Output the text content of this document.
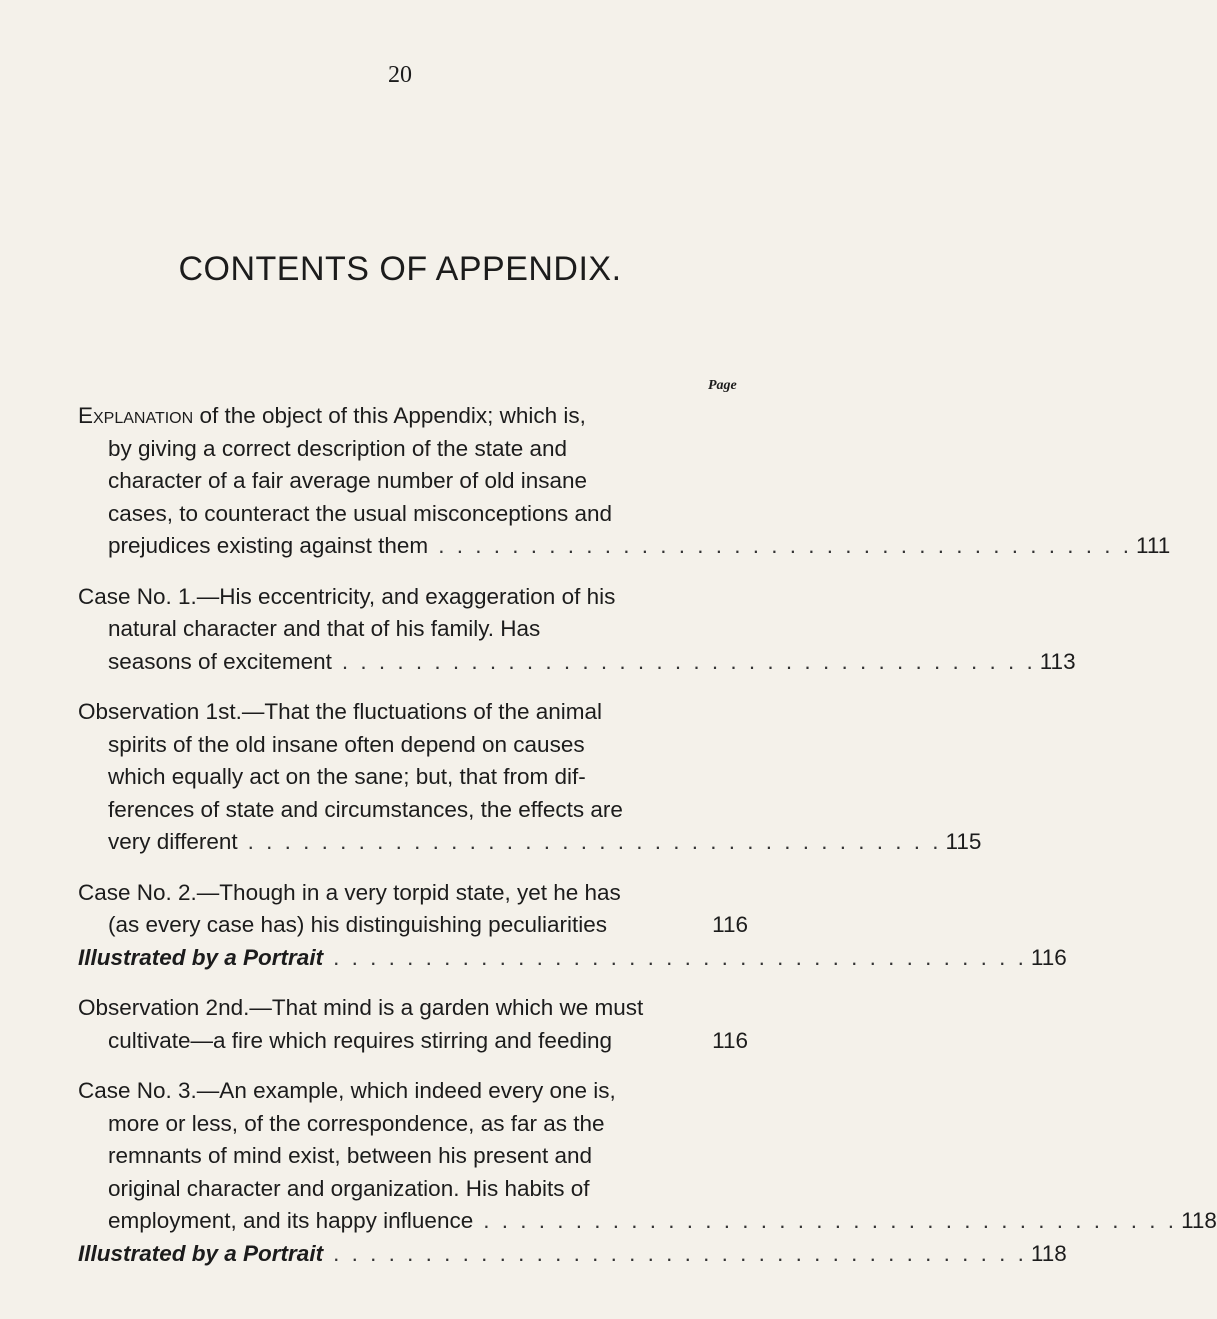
20
CONTENTS OF APPENDIX.
Page
Explanation of the object of this Appendix; which is,
by giving a correct description of the state and
character of a fair average number of old insane
cases, to counteract the usual misconceptions and
prejudices existing against them . . . . . . . . . . . . . . . . . . . . . . . . . . . . . . . . . . . . . . 111
Case No. 1.—His eccentricity, and exaggeration of his
natural character and that of his family. Has
seasons of excitement . . . . . . . . . . . . . . . . . . . . . . . . . . . . . . . . . . . . . . 113
Observation 1st.—That the fluctuations of the animal
spirits of the old insane often depend on causes
which equally act on the sane; but, that from dif-
ferences of state and circumstances, the effects are
very different . . . . . . . . . . . . . . . . . . . . . . . . . . . . . . . . . . . . . . 115
Case No. 2.—Though in a very torpid state, yet he has
(as every case has) his distinguishing peculiarities	116
Illustrated by a Portrait . . . . . . . . . . . . . . . . . . . . . . . . . . . . . . . . . . . . . . 116
Observation 2nd.—That mind is a garden which we must
cultivate—a fire which requires stirring and feeding	116
Case No. 3.—An example, which indeed every one is,
more or less, of the correspondence, as far as the
remnants of mind exist, between his present and
original character and organization. His habits of
employment, and its happy influence . . . . . . . . . . . . . . . . . . . . . . . . . . . . . . . . . . . . . . 118
Illustrated by a Portrait . . . . . . . . . . . . . . . . . . . . . . . . . . . . . . . . . . . . . . 118
